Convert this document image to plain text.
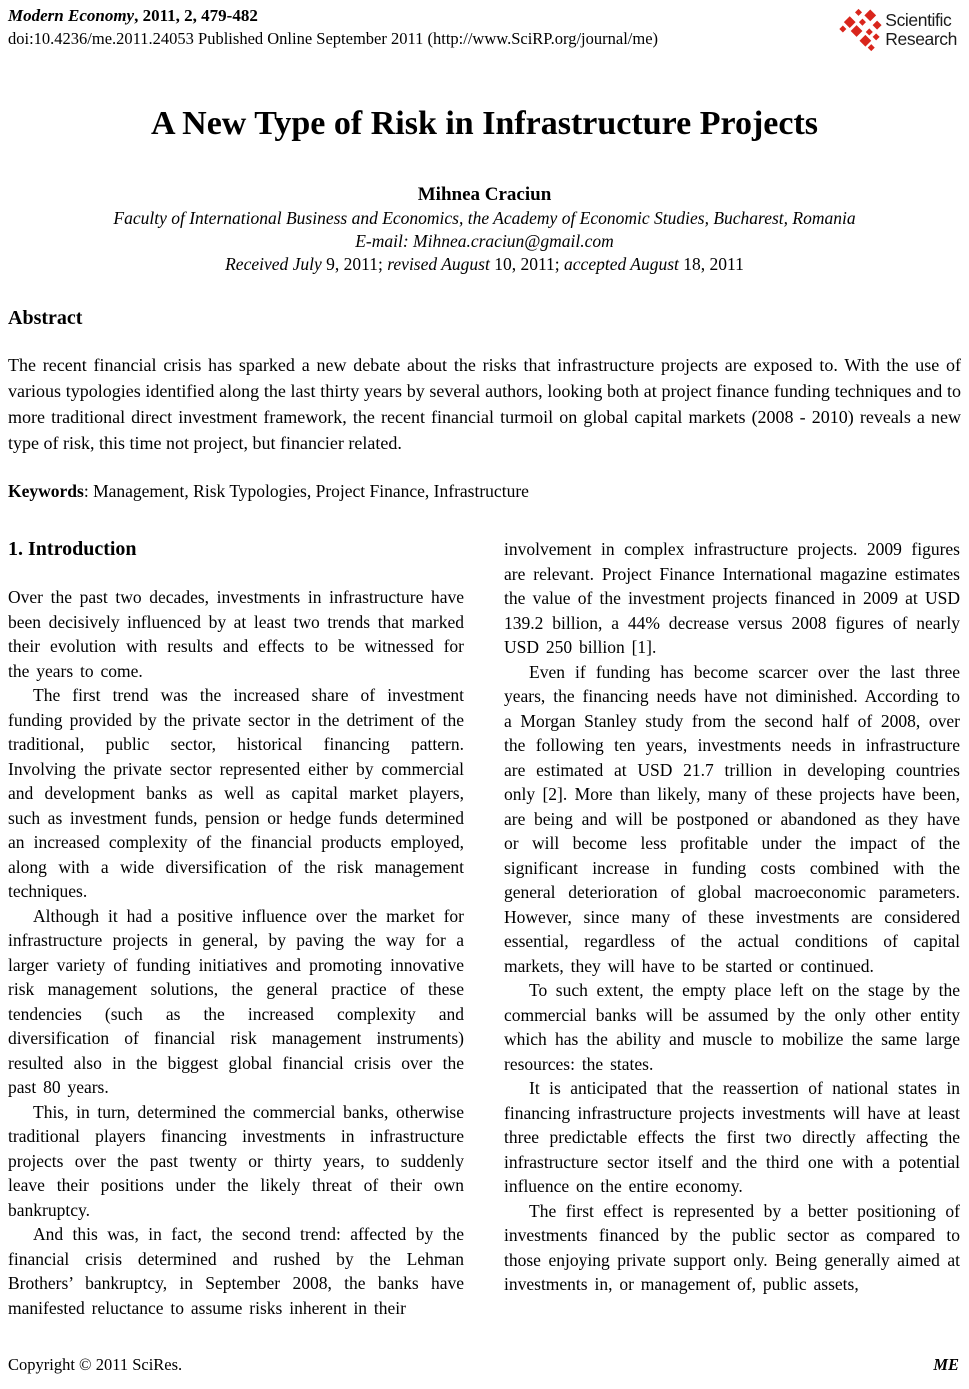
Modern Economy, 2011, 2, 479-482
doi:10.4236/me.2011.24053 Published Online September 2011 (http://www.SciRP.org/journal/me)
Scientific
Research
A New Type of Risk in Infrastructure Projects
Mihnea Craciun
Faculty of International Business and Economics, the Academy of Economic Studies, Bucharest, Romania
E-mail: Mihnea.craciun@gmail.com
Received July 9, 2011; revised August 10, 2011; accepted August 18, 2011
Abstract

The recent financial crisis has sparked a new debate about the risks that infrastructure projects are exposed to. With the use of various typologies identified along the last thirty years by several authors, looking both at project finance funding techniques and to more traditional direct investment framework, the recent financial turmoil on global capital markets (2008 - 2010) reveals a new type of risk, this time not project, but financier related.

Keywords: Management, Risk Typologies, Project Finance, Infrastructure
1. Introduction

Over the past two decades, investments in infrastructure have been decisively influenced by at least two trends that marked their evolution with results and effects to be witnessed for the years to come.

The first trend was the increased share of investment funding provided by the private sector in the detriment of the traditional, public sector, historical financing pattern. Involving the private sector represented either by commercial and development banks as well as capital market players, such as investment funds, pension or hedge funds determined an increased complexity of the financial products employed, along with a wide diversification of the risk management techniques.

Although it had a positive influence over the market for infrastructure projects in general, by paving the way for a larger variety of funding initiatives and promoting innovative risk management solutions, the general practice of these tendencies (such as the increased complexity and diversification of financial risk management instruments) resulted also in the biggest global financial crisis over the past 80 years.

This, in turn, determined the commercial banks, otherwise traditional players financing investments in infrastructure projects over the past twenty or thirty years, to suddenly leave their positions under the likely threat of their own bankruptcy.

And this was, in fact, the second trend: affected by the financial crisis determined and rushed by the Lehman Brothers’ bankruptcy, in September 2008, the banks have manifested reluctance to assume risks inherent in their

involvement in complex infrastructure projects. 2009 figures are relevant. Project Finance International magazine estimates the value of the investment projects financed in 2009 at USD 139.2 billion, a 44% decrease versus 2008 figures of nearly USD 250 billion [1].

Even if funding has become scarcer over the last three years, the financing needs have not diminished. According to a Morgan Stanley study from the second half of 2008, over the following ten years, investments needs in infrastructure are estimated at USD 21.7 trillion in developing countries only [2]. More than likely, many of these projects have been, are being and will be postponed or abandoned as they have or will become less profitable under the impact of the significant increase in funding costs combined with the general deterioration of global macroeconomic parameters. However, since many of these investments are considered essential, regardless of the actual conditions of capital markets, they will have to be started or continued.

To such extent, the empty place left on the stage by the commercial banks will be assumed by the only other entity which has the ability and muscle to mobilize the same large resources: the states.

It is anticipated that the reassertion of national states in financing infrastructure projects investments will have at least three predictable effects the first two directly affecting the infrastructure sector itself and the third one with a potential influence on the entire economy.

The first effect is represented by a better positioning of investments financed by the public sector as compared to those enjoying private support only. Being generally aimed at investments in, or management of, public assets,

Copyright © 2011 SciRes.	ME
